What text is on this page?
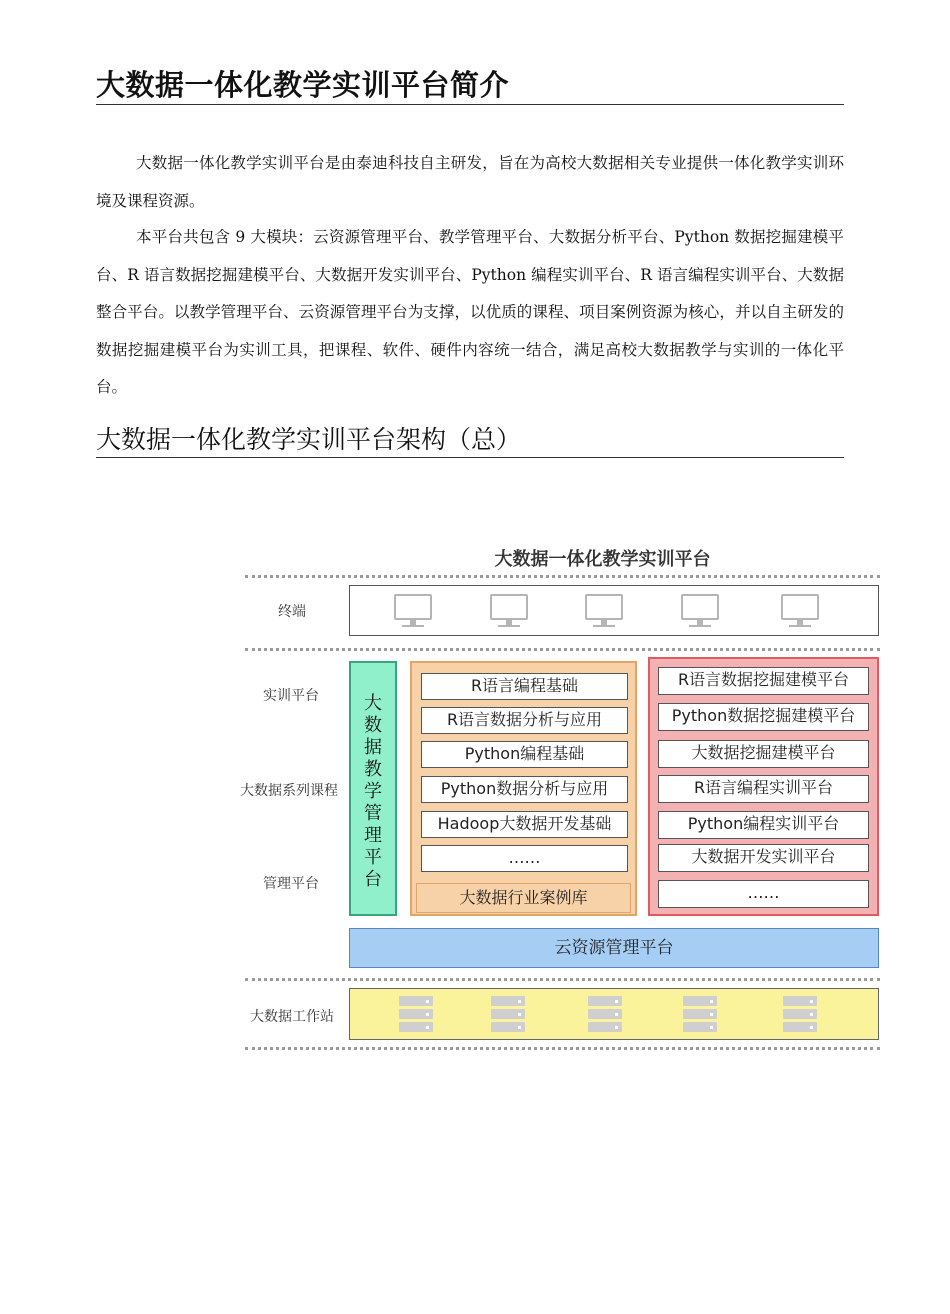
大数据一体化教学实训平台简介

大数据一体化教学实训平台是由泰迪科技自主研发，旨在为高校大数据相关专业提供一体化教学实训环境及课程资源。

本平台共包含 9 大模块：云资源管理平台、教学管理平台、大数据分析平台、Python 数据挖掘建模平台、R 语言数据挖掘建模平台、大数据开发实训平台、Python 编程实训平台、R 语言编程实训平台、大数据整合平台。以教学管理平台、云资源管理平台为支撑，以优质的课程、项目案例资源为核心，并以自主研发的数据挖掘建模平台为实训工具，把课程、软件、硬件内容统一结合，满足高校大数据教学与实训的一体化平台。

大数据一体化教学实训平台架构（总）
大数据一体化教学实训平台
终端
实训平台
大数据系列课程
管理平台
大
数
据
教
学
管
理
平
台
R语言编程基础
R语言数据分析与应用
Python编程基础
Python数据分析与应用
Hadoop大数据开发基础
……
大数据行业案例库
R语言数据挖掘建模平台
Python数据挖掘建模平台
大数据挖掘建模平台
R语言编程实训平台
Python编程实训平台
大数据开发实训平台
……
云资源管理平台
大数据工作站
